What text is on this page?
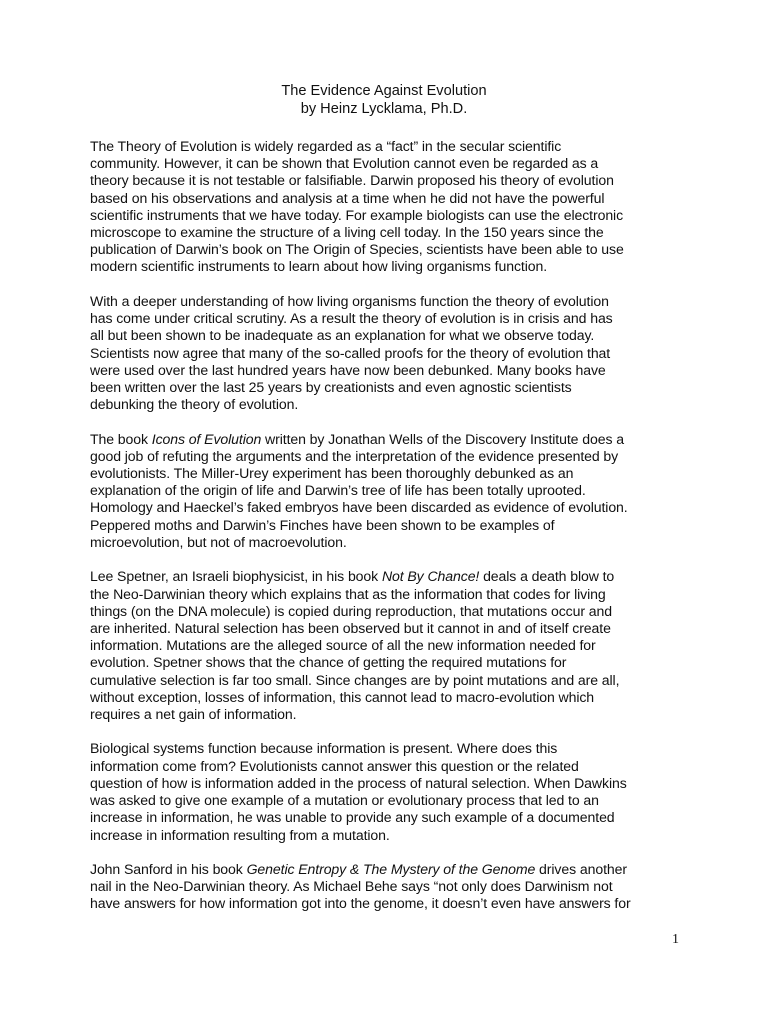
The Evidence Against Evolution
by Heinz Lycklama, Ph.D.
The Theory of Evolution is widely regarded as a “fact” in the secular scientific
community. However, it can be shown that Evolution cannot even be regarded as a
theory because it is not testable or falsifiable. Darwin proposed his theory of evolution
based on his observations and analysis at a time when he did not have the powerful
scientific instruments that we have today. For example biologists can use the electronic
microscope to examine the structure of a living cell today. In the 150 years since the
publication of Darwin’s book on The Origin of Species, scientists have been able to use
modern scientific instruments to learn about how living organisms function.
With a deeper understanding of how living organisms function the theory of evolution
has come under critical scrutiny. As a result the theory of evolution is in crisis and has
all but been shown to be inadequate as an explanation for what we observe today.
Scientists now agree that many of the so-called proofs for the theory of evolution that
were used over the last hundred years have now been debunked. Many books have
been written over the last 25 years by creationists and even agnostic scientists
debunking the theory of evolution.
The book Icons of Evolution written by Jonathan Wells of the Discovery Institute does a
good job of refuting the arguments and the interpretation of the evidence presented by
evolutionists. The Miller-Urey experiment has been thoroughly debunked as an
explanation of the origin of life and Darwin’s tree of life has been totally uprooted.
Homology and Haeckel’s faked embryos have been discarded as evidence of evolution.
Peppered moths and Darwin’s Finches have been shown to be examples of
microevolution, but not of macroevolution.
Lee Spetner, an Israeli biophysicist, in his book Not By Chance! deals a death blow to
the Neo-Darwinian theory which explains that as the information that codes for living
things (on the DNA molecule) is copied during reproduction, that mutations occur and
are inherited. Natural selection has been observed but it cannot in and of itself create
information. Mutations are the alleged source of all the new information needed for
evolution. Spetner shows that the chance of getting the required mutations for
cumulative selection is far too small. Since changes are by point mutations and are all,
without exception, losses of information, this cannot lead to macro-evolution which
requires a net gain of information.
Biological systems function because information is present. Where does this
information come from? Evolutionists cannot answer this question or the related
question of how is information added in the process of natural selection. When Dawkins
was asked to give one example of a mutation or evolutionary process that led to an
increase in information, he was unable to provide any such example of a documented
increase in information resulting from a mutation.
John Sanford in his book Genetic Entropy & The Mystery of the Genome drives another
nail in the Neo-Darwinian theory. As Michael Behe says “not only does Darwinism not
have answers for how information got into the genome, it doesn’t even have answers for
1
